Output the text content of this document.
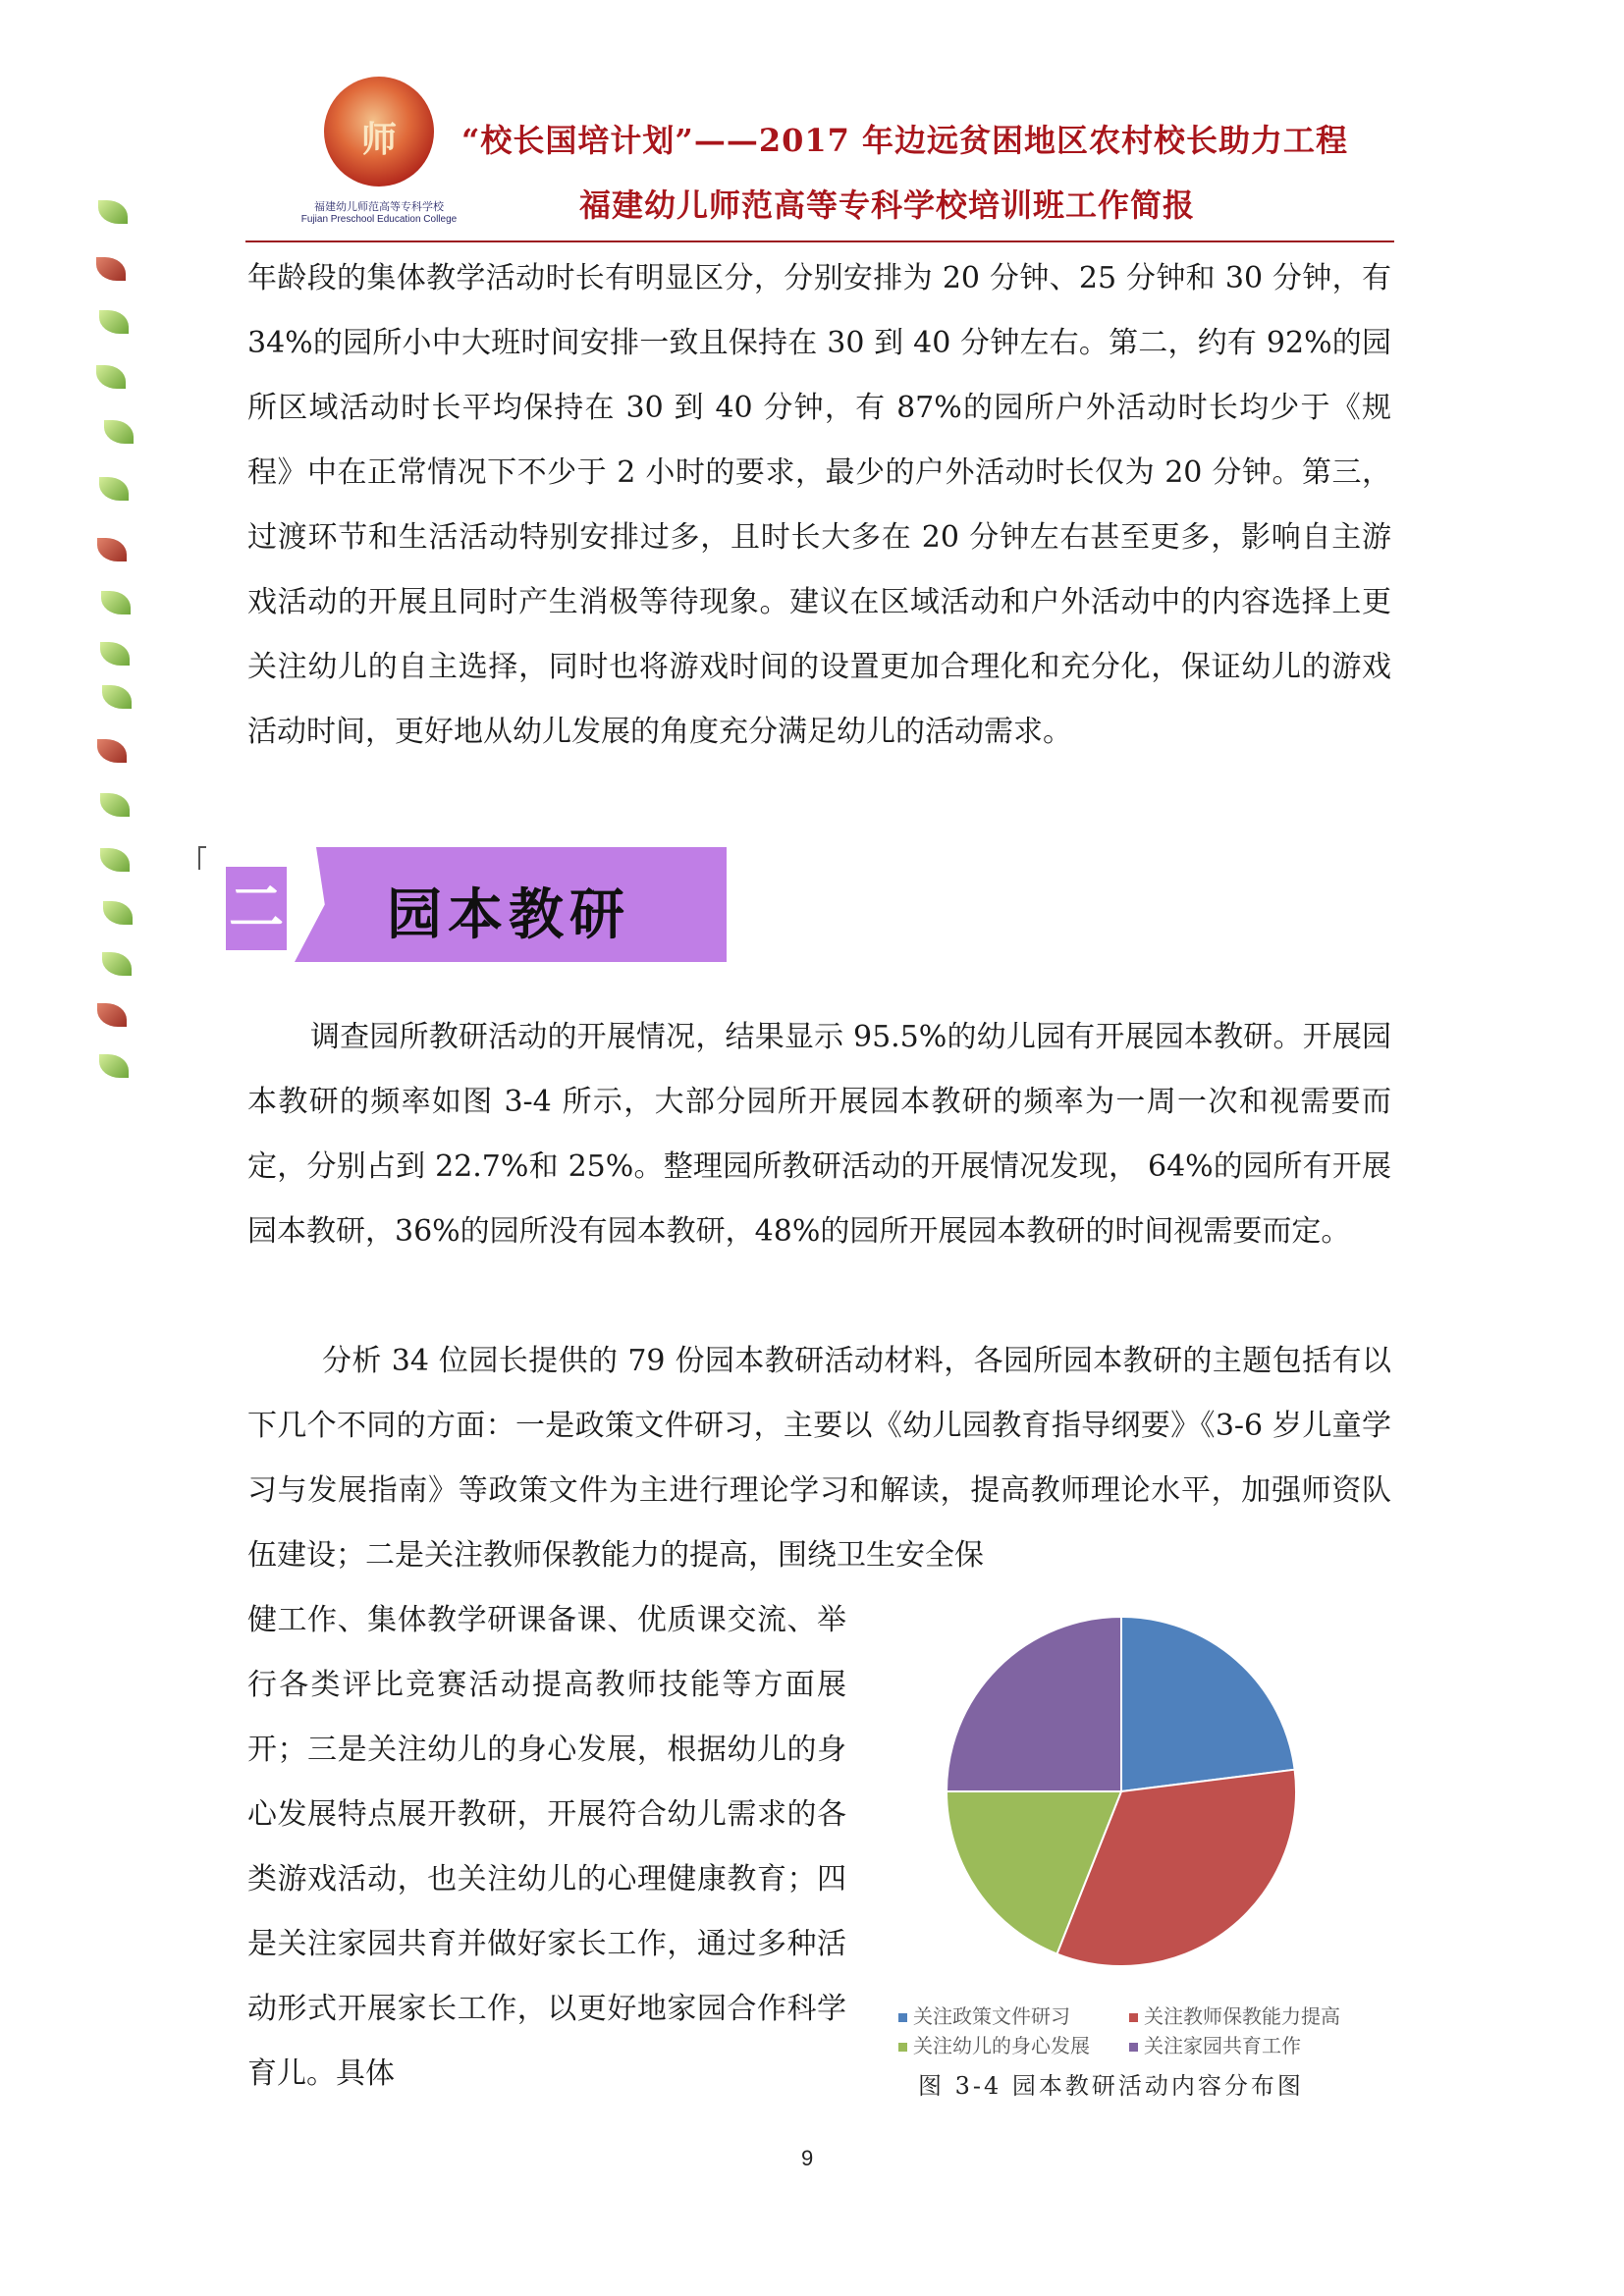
师
福建幼儿师范高等专科学校
Fujian Preschool Education College
“校长国培计划”——2017 年边远贫困地区农村校长助力工程
福建幼儿师范高等专科学校培训班工作简报
年龄段的集体教学活动时长有明显区分，分别安排为 20 分钟、25 分钟和 30 分钟，有 34%的园所小中大班时间安排一致且保持在 30 到 40 分钟左右。第二，约有 92%的园所区域活动时长平均保持在 30 到 40 分钟，有 87%的园所户外活动时长均少于《规程》中在正常情况下不少于 2 小时的要求，最少的户外活动时长仅为 20 分钟。第三，过渡环节和生活活动特别安排过多，且时长大多在 20 分钟左右甚至更多，影响自主游戏活动的开展且同时产生消极等待现象。建议在区域活动和户外活动中的内容选择上更关注幼儿的自主选择，同时也将游戏时间的设置更加合理化和充分化，保证幼儿的游戏活动时间，更好地从幼儿发展的角度充分满足幼儿的活动需求。
二 园本教研
调查园所教研活动的开展情况，结果显示 95.5%的幼儿园有开展园本教研。开展园本教研的频率如图 3-4 所示，大部分园所开展园本教研的频率为一周一次和视需要而定，分别占到 22.7%和 25%。整理园所教研活动的开展情况发现， 64%的园所有开展园本教研，36%的园所没有园本教研，48%的园所开展园本教研的时间视需要而定。
分析 34 位园长提供的 79 份园本教研活动材料，各园所园本教研的主题包括有以下几个不同的方面：一是政策文件研习，主要以《幼儿园教育指导纲要》《3-6 岁儿童学习与发展指南》等政策文件为主进行理论学习和解读，提高教师理论水平，加强师资队伍建设；二是关注教师保教能力的提高，围绕卫生安全保
健工作、集体教学研课备课、优质课交流、举行各类评比竞赛活动提高教师技能等方面展开；三是关注幼儿的身心发展，根据幼儿的身心发展特点展开教研，开展符合幼儿需求的各类游戏活动，也关注幼儿的心理健康教育；四是关注家园共育并做好家长工作，通过多种活动形式开展家长工作，以更好地家园合作科学育儿。具体
关注政策文件研习	关注教师保教能力提高
关注幼儿的身心发展	关注家园共育工作
图 3-4 园本教研活动内容分布图
9
